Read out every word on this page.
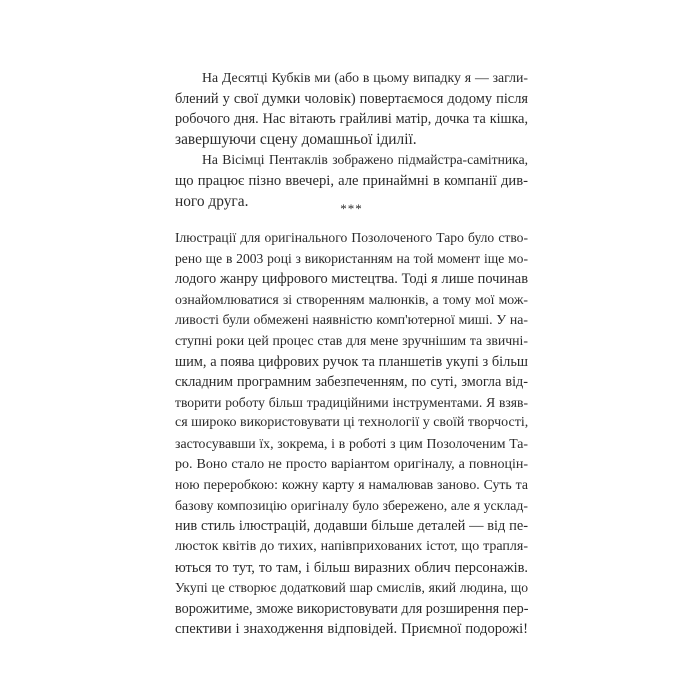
На Десятці Кубків ми (або в цьому випадку я — загли-
блений у свої думки чоловік) повертаємося додому після
робочого дня. Нас вітають грайливі матір, дочка та кішка,
завершуючи сцену домашньої ідилії.
На Вісімці Пентаклів зображено підмайстра-самітника,
що працює пізно ввечері, але принаймні в компанії див-
ного друга.	***
Ілюстрації для оригінального Позолоченого Таро було ство-
рено ще в 2003 році з використанням на той момент іще мо-
лодого жанру цифрового мистецтва. Тоді я лише починав
ознайомлюватися зі створенням малюнків, а тому мої мож-
ливості були обмежені наявністю комп'ютерної миші. У на-
ступні роки цей процес став для мене зручнішим та звичні-
шим, а поява цифрових ручок та планшетів укупі з більш
складним програмним забезпеченням, по суті, змогла від-
творити роботу більш традиційними інструментами. Я взяв-
ся широко використовувати ці технології у своїй творчості,
застосувавши їх, зокрема, і в роботі з цим Позолоченим Та-
ро. Воно стало не просто варіантом оригіналу, а повноцін-
ною переробкою: кожну карту я намалював заново. Суть та
базову композицію оригіналу було збережено, але я усклад-
нив стиль ілюстрацій, додавши більше деталей — від пе-
люсток квітів до тихих, напівприхованих істот, що трапля-
ються то тут, то там, і більш виразних облич персонажів.
Укупі це створює додатковий шар смислів, який людина, що
ворожитиме, зможе використовувати для розширення пер-
спективи і знаходження відповідей. Приємної подорожі!
